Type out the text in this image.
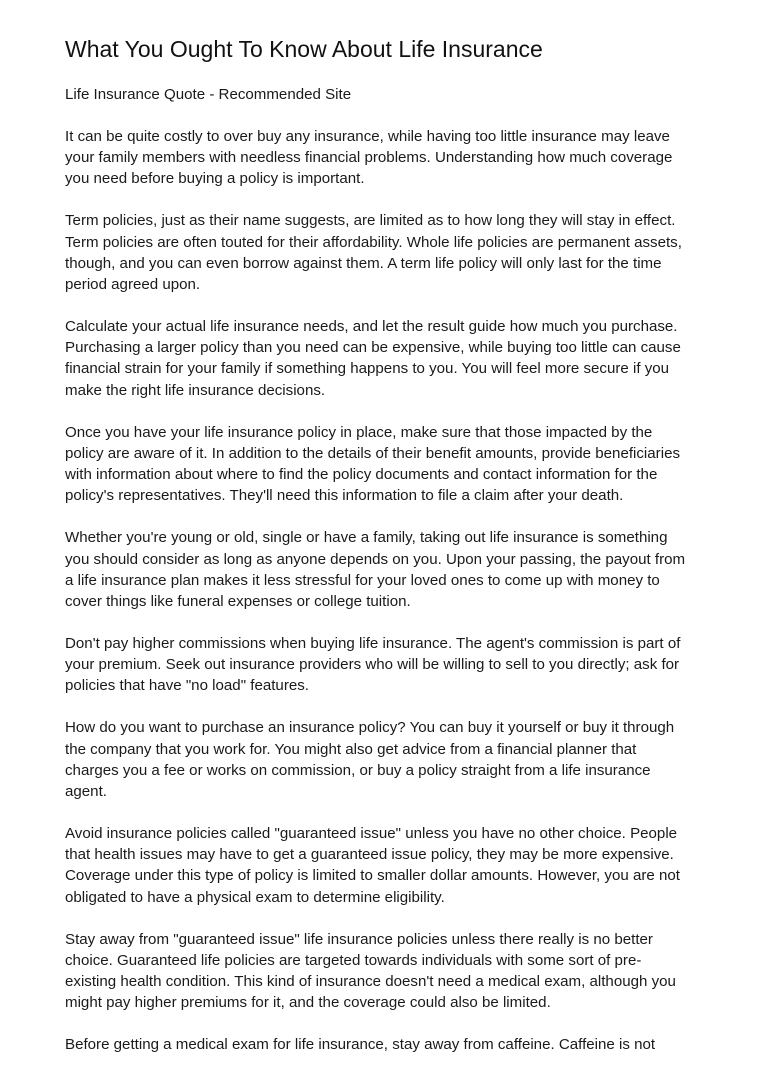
What You Ought To Know About Life Insurance
Life Insurance Quote - Recommended Site

It can be quite costly to over buy any insurance, while having too little insurance may leave
your family members with needless financial problems. Understanding how much coverage
you need before buying a policy is important.

Term policies, just as their name suggests, are limited as to how long they will stay in effect.
Term policies are often touted for their affordability. Whole life policies are permanent assets,
though, and you can even borrow against them. A term life policy will only last for the time
period agreed upon.

Calculate your actual life insurance needs, and let the result guide how much you purchase.
Purchasing a larger policy than you need can be expensive, while buying too little can cause
financial strain for your family if something happens to you. You will feel more secure if you
make the right life insurance decisions.

Once you have your life insurance policy in place, make sure that those impacted by the
policy are aware of it. In addition to the details of their benefit amounts, provide beneficiaries
with information about where to find the policy documents and contact information for the
policy's representatives. They'll need this information to file a claim after your death.

Whether you're young or old, single or have a family, taking out life insurance is something
you should consider as long as anyone depends on you. Upon your passing, the payout from
a life insurance plan makes it less stressful for your loved ones to come up with money to
cover things like funeral expenses or college tuition.

Don't pay higher commissions when buying life insurance. The agent's commission is part of
your premium. Seek out insurance providers who will be willing to sell to you directly; ask for
policies that have "no load" features.

How do you want to purchase an insurance policy? You can buy it yourself or buy it through
the company that you work for. You might also get advice from a financial planner that
charges you a fee or works on commission, or buy a policy straight from a life insurance
agent.

Avoid insurance policies called "guaranteed issue" unless you have no other choice. People
that health issues may have to get a guaranteed issue policy, they may be more expensive.
Coverage under this type of policy is limited to smaller dollar amounts. However, you are not
obligated to have a physical exam to determine eligibility.

Stay away from "guaranteed issue" life insurance policies unless there really is no better
choice. Guaranteed life policies are targeted towards individuals with some sort of pre-
existing health condition. This kind of insurance doesn't need a medical exam, although you
might pay higher premiums for it, and the coverage could also be limited.

Before getting a medical exam for life insurance, stay away from caffeine. Caffeine is not
